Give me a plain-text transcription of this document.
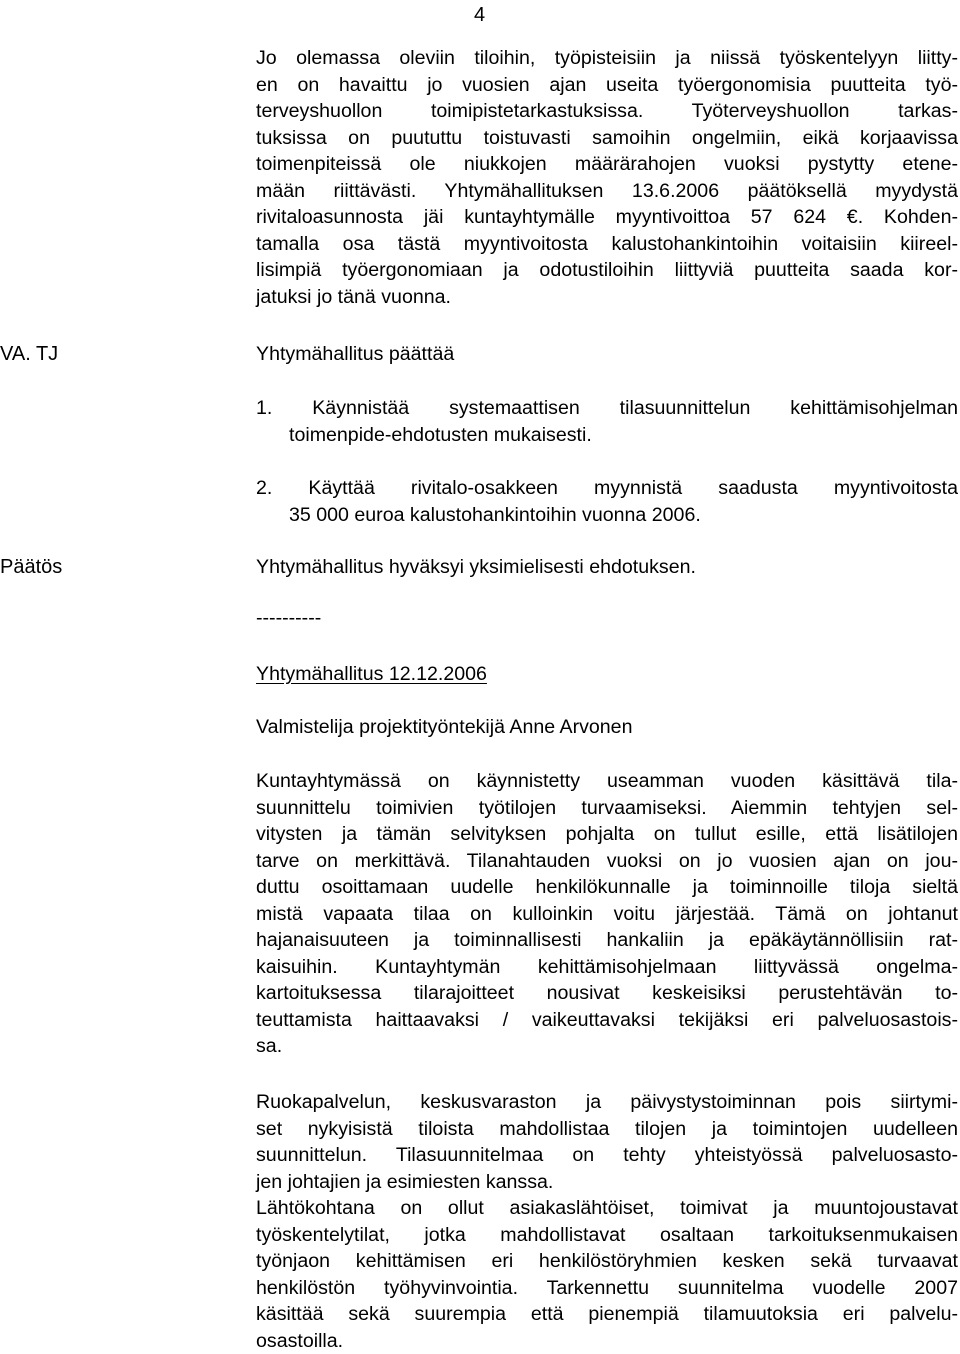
4
Jo olemassa oleviin tiloihin, työpisteisiin ja niissä työskentelyyn liitty-
en on havaittu jo vuosien ajan useita työergonomisia puutteita työ-
terveyshuollon toimipistetarkastuksissa. Työterveyshuollon tarkas-
tuksissa on puututtu toistuvasti samoihin ongelmiin, eikä korjaavissa
toimenpiteissä ole niukkojen määrärahojen vuoksi pystytty etene-
mään riittävästi. Yhtymähallituksen 13.6.2006 päätöksellä myydystä
rivitaloasunnosta jäi kuntayhtymälle myyntivoittoa 57 624 €. Kohden-
tamalla osa tästä myyntivoitosta kalustohankintoihin voitaisiin kiireel-
lisimpiä työergonomiaan ja odotustiloihin liittyviä puutteita saada kor-
jatuksi jo tänä vuonna.
VA. TJ	Yhtymähallitus päättää
1. Käynnistää systemaattisen tilasuunnittelun kehittämisohjelman
toimenpide-ehdotusten mukaisesti.
2. Käyttää rivitalo-osakkeen myynnistä saadusta myyntivoitosta
35 000 euroa kalustohankintoihin vuonna 2006.
Päätös	Yhtymähallitus hyväksyi yksimielisesti ehdotuksen.
----------
Yhtymähallitus 12.12.2006
Valmistelija projektityöntekijä Anne Arvonen
Kuntayhtymässä on käynnistetty useamman vuoden käsittävä tila-
suunnittelu toimivien työtilojen turvaamiseksi. Aiemmin tehtyjen sel-
vitysten ja tämän selvityksen pohjalta on tullut esille, että lisätilojen
tarve on merkittävä. Tilanahtauden vuoksi on jo vuosien ajan on jou-
duttu osoittamaan uudelle henkilökunnalle ja toiminnoille tiloja sieltä
mistä vapaata tilaa on kulloinkin voitu järjestää. Tämä on johtanut
hajanaisuuteen ja toiminnallisesti hankaliin ja epäkäytännöllisiin rat-
kaisuihin. Kuntayhtymän kehittämisohjelmaan liittyvässä ongelma-
kartoituksessa tilarajoitteet nousivat keskeisiksi perustehtävän to-
teuttamista haittaavaksi / vaikeuttavaksi tekijäksi eri palveluosastois-
sa.
Ruokapalvelun, keskusvaraston ja päivystystoiminnan pois siirtymi-
set nykyisistä tiloista mahdollistaa tilojen ja toimintojen uudelleen
suunnittelun. Tilasuunnitelmaa on tehty yhteistyössä palveluosasto-
jen johtajien ja esimiesten kanssa.
Lähtökohtana on ollut asiakaslähtöiset, toimivat ja muuntojoustavat
työskentelytilat, jotka mahdollistavat osaltaan tarkoituksenmukaisen
työnjaon kehittämisen eri henkilöstöryhmien kesken sekä turvaavat
henkilöstön työhyvinvointia. Tarkennettu suunnitelma vuodelle 2007
käsittää sekä suurempia että pienempiä tilamuutoksia eri palvelu-
osastoilla.
